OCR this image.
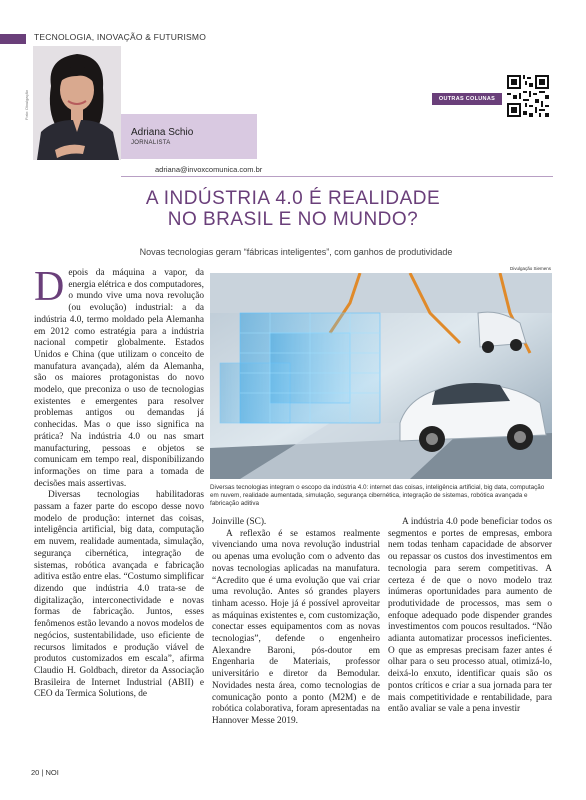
TECNOLOGIA, INOVAÇÃO & FUTURISMO
Foto: Divulgação
Adriana Schio
JORNALISTA
adriana@invoxcomunica.com.br
OUTRAS COLUNAS
A INDÚSTRIA 4.0 É REALIDADE
NO BRASIL E NO MUNDO?
Novas tecnologias geram “fábricas inteligentes”, com ganhos de produtividade

Depois da máquina a vapor, da energia elétrica e dos computadores, o mundo vive uma nova revolução (ou evolução) industrial: a da indústria 4.0, termo moldado pela Alemanha em 2012 como estratégia para a indústria nacional competir globalmente. Estados Unidos e China (que utilizam o conceito de manufatura avançada), além da Alemanha, são os maiores protagonistas do novo modelo, que preconiza o uso de tecnologias existentes e emergentes para resolver problemas antigos ou demandas já conhecidas. Mas o que isso significa na prática? Na indústria 4.0 ou nas smart manufacturing, pessoas e objetos se comunicam em tempo real, disponibilizando informações on time para a tomada de decisões mais assertivas.

Diversas tecnologias habilitadoras passam a fazer parte do escopo desse novo modelo de produção: internet das coisas, inteligência artificial, big data, computação em nuvem, realidade aumentada, simulação, segurança cibernética, integração de sistemas, robótica avançada e fabricação aditiva estão entre elas. “Costumo simplificar dizendo que indústria 4.0 trata-se de digitalização, interconectividade e novas formas de fabricação. Juntos, esses fenômenos estão levando a novos modelos de negócios, sustentabilidade, uso eficiente de recursos limitados e produção viável de produtos customizados em escala”, afirma Claudio H. Goldbach, diretor da Associação Brasileira de Internet Industrial (ABII) e CEO da Termica Solutions, de

Divulgação Siemens
Diversas tecnologias integram o escopo da indústria 4.0: internet das coisas, inteligência artificial, big data, computação em nuvem, realidade aumentada, simulação, segurança cibernética, integração de sistemas, robótica avançada e fabricação aditiva

Joinville (SC).

A reflexão é se estamos realmente vivenciando uma nova revolução industrial ou apenas uma evolução com o advento das novas tecnologias aplicadas na manufatura. “Acredito que é uma evolução que vai criar uma revolução. Antes só grandes players tinham acesso. Hoje já é possível aproveitar as máquinas existentes e, com customização, conectar esses equipamentos com as novas tecnologias”, defende o engenheiro Alexandre Baroni, pós-doutor em Engenharia de Materiais, professor universitário e diretor da Bemodular. Novidades nesta área, como tecnologias de comunicação ponto a ponto (M2M) e de robótica colaborativa, foram apresentadas na Hannover Messe 2019.

A indústria 4.0 pode beneficiar todos os segmentos e portes de empresas, embora nem todas tenham capacidade de absorver ou repassar os custos dos investimentos em tecnologia para serem competitivas. A certeza é de que o novo modelo traz inúmeras oportunidades para aumento de produtividade de processos, mas sem o enfoque adequado pode dispender grandes investimentos com poucos resultados. “Não adianta automatizar processos ineficientes. O que as empresas precisam fazer antes é olhar para o seu processo atual, otimizá-lo, deixá-lo enxuto, identificar quais são os pontos críticos e criar a sua jornada para ter mais competitividade e rentabilidade, para então avaliar se vale a pena investir

20 | NOI
